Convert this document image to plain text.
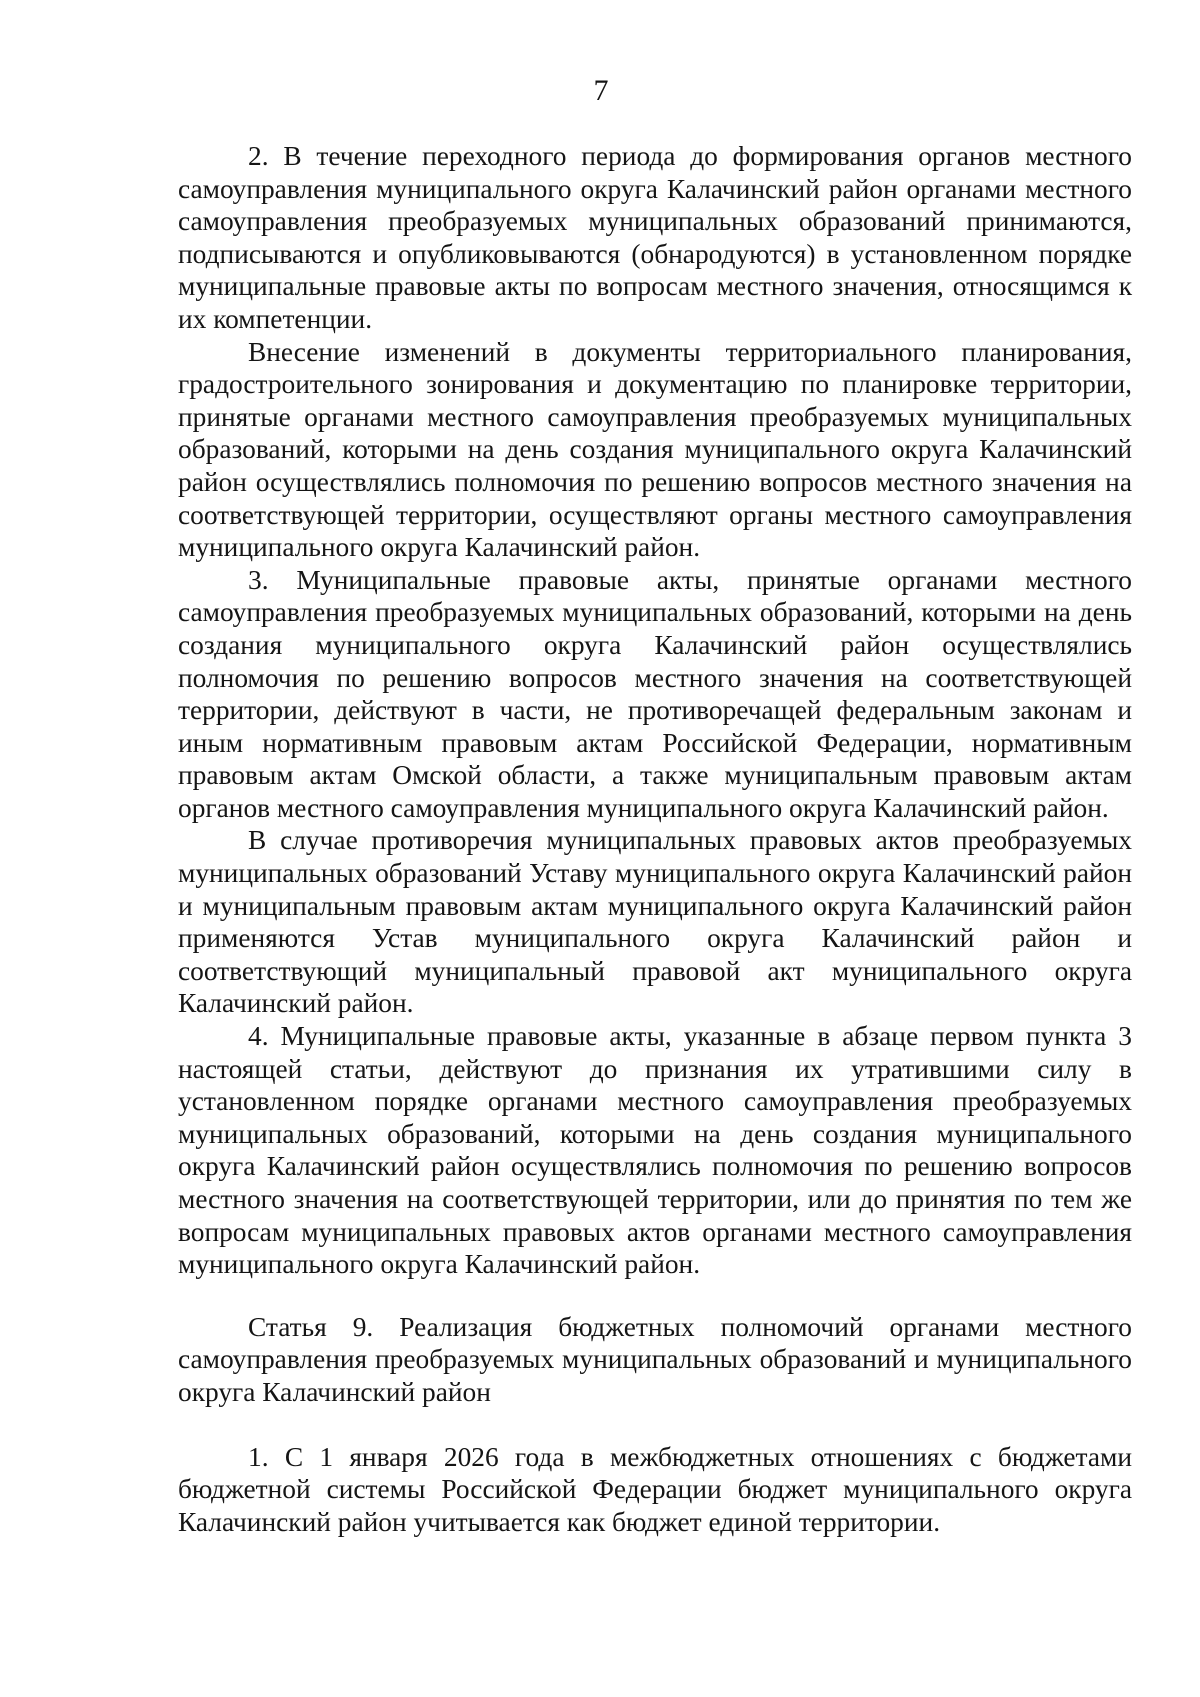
7

2. В течение переходного периода до формирования органов местного самоуправления муниципального округа Калачинский район органами местного самоуправления преобразуемых муниципальных образований принимаются, подписываются и опубликовываются (обнародуются) в установленном порядке муниципальные правовые акты по вопросам местного значения, относящимся к их компетенции.

Внесение изменений в документы территориального планирования, градостроительного зонирования и документацию по планировке территории, принятые органами местного самоуправления преобразуемых муниципальных образований, которыми на день создания муниципального округа Калачинский район осуществлялись полномочия по решению вопросов местного значения на соответствующей территории, осуществляют органы местного самоуправления муниципального округа Калачинский район.

3. Муниципальные правовые акты, принятые органами местного самоуправления преобразуемых муниципальных образований, которыми на день создания муниципального округа Калачинский район осуществлялись полномочия по решению вопросов местного значения на соответствующей территории, действуют в части, не противоречащей федеральным законам и иным нормативным правовым актам Российской Федерации, нормативным правовым актам Омской области, а также муниципальным правовым актам органов местного самоуправления муниципального округа Калачинский район.

В случае противоречия муниципальных правовых актов преобразуемых муниципальных образований Уставу муниципального округа Калачинский район и муниципальным правовым актам муниципального округа Калачинский район применяются Устав муниципального округа Калачинский район и соответствующий муниципальный правовой акт муниципального округа Калачинский район.

4. Муниципальные правовые акты, указанные в абзаце первом пункта 3 настоящей статьи, действуют до признания их утратившими силу в установленном порядке органами местного самоуправления преобразуемых муниципальных образований, которыми на день создания муниципального округа Калачинский район осуществлялись полномочия по решению вопросов местного значения на соответствующей территории, или до принятия по тем же вопросам муниципальных правовых актов органами местного самоуправления муниципального округа Калачинский район.

Статья 9. Реализация бюджетных полномочий органами местного самоуправления преобразуемых муниципальных образований и муниципального округа Калачинский район

1. С 1 января 2026 года в межбюджетных отношениях с бюджетами бюджетной системы Российской Федерации бюджет муниципального округа Калачинский район учитывается как бюджет единой территории.
